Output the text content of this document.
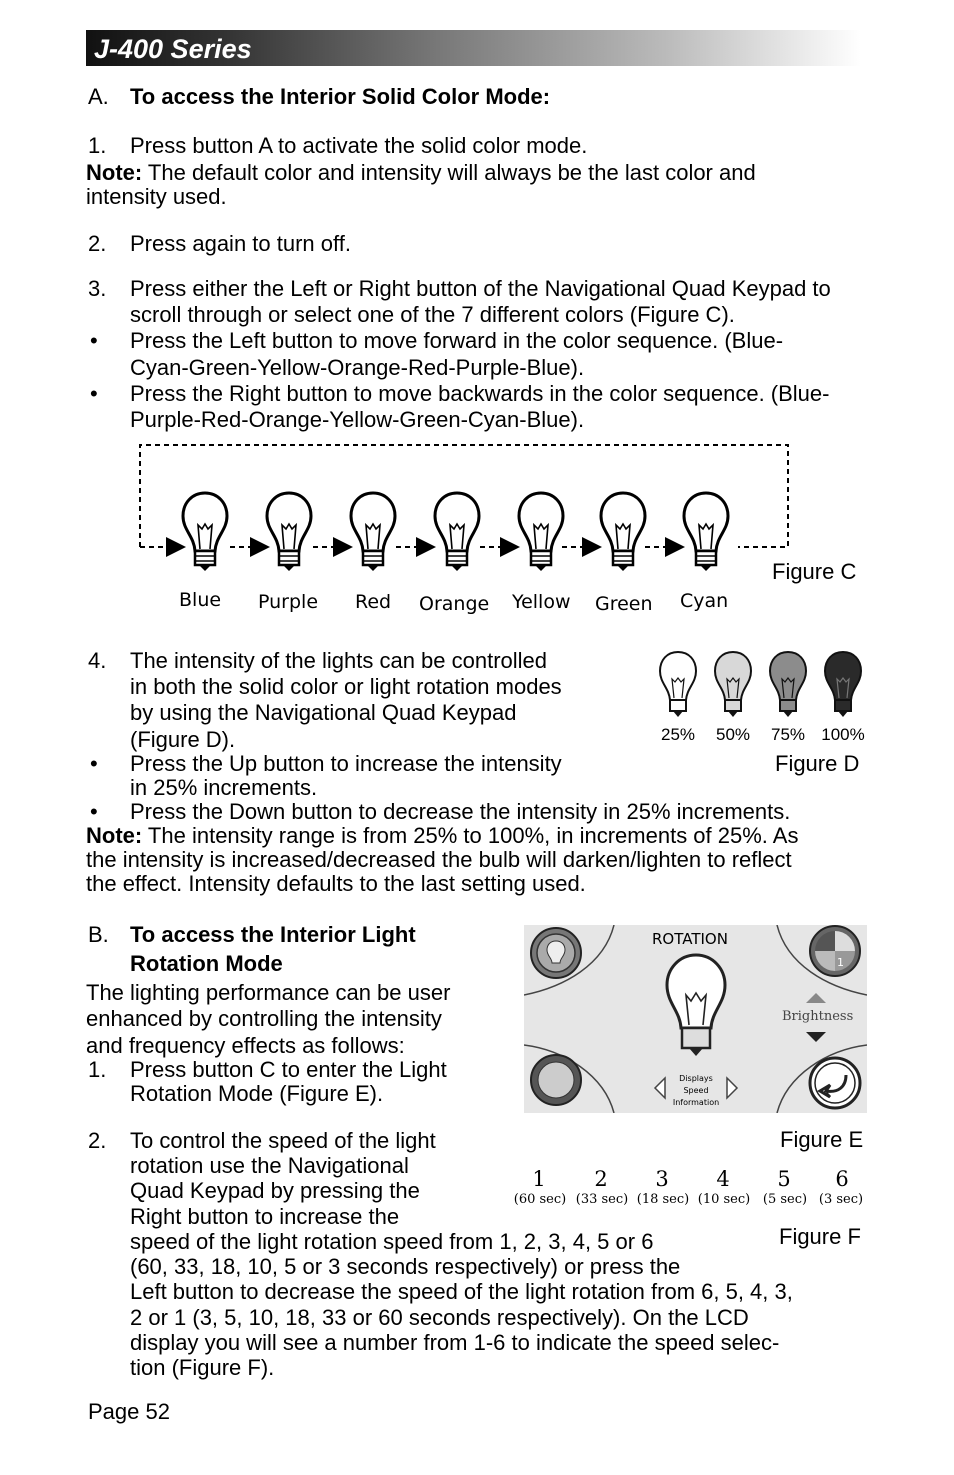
J-400 Series
A. To access the Interior Solid Color Mode:
1. Press button A to activate the solid color mode.
Note: The default color and intensity will always be the last color and
intensity used.
2. Press again to turn off.
3. Press either the Left or Right button of the Navigational Quad Keypad to
scroll through or select one of the 7 different colors (Figure C).
• Press the Left button to move forward in the color sequence. (Blue-
Cyan-Green-Yellow-Orange-Red-Purple-Blue).
• Press the Right button to move backwards in the color sequence. (Blue-
Purple-Red-Orange-Yellow-Green-Cyan-Blue).
Blue Purple Red Orange Yellow Green Cyan
Figure C
4. The intensity of the lights can be controlled
in both the solid color or light rotation modes
by using the Navigational Quad Keypad
(Figure D).
• Press the Up button to increase the intensity
in 25% increments.
• Press the Down button to decrease the intensity in 25% increments.
Note: The intensity range is from 25% to 100%, in increments of 25%. As
the intensity is increased/decreased the bulb will darken/lighten to reflect
the effect. Intensity defaults to the last setting used.
25% 50% 75% 100%
Figure D
B. To access the Interior Light
Rotation Mode
The lighting performance can be user
enhanced by controlling the intensity
and frequency effects as follows:
1. Press button C to enter the Light
Rotation Mode (Figure E).
2. To control the speed of the light
rotation use the Navigational
Quad Keypad by pressing the
Right button to increase the
speed of the light rotation speed from 1, 2, 3, 4, 5 or 6
(60, 33, 18, 10, 5 or 3 seconds respectively) or press the
Left button to decrease the speed of the light rotation from 6, 5, 4, 3,
2 or 1 (3, 5, 10, 18, 33 or 60 seconds respectively). On the LCD
display you will see a number from 1-6 to indicate the speed selec-
tion (Figure F).
ROTATION
Brightness
1
Displays
Speed
Information
Figure E
1	2	3	4	5	6
(60 sec) (33 sec) (18 sec) (10 sec) (5 sec) (3 sec)
Figure F
Page 52
